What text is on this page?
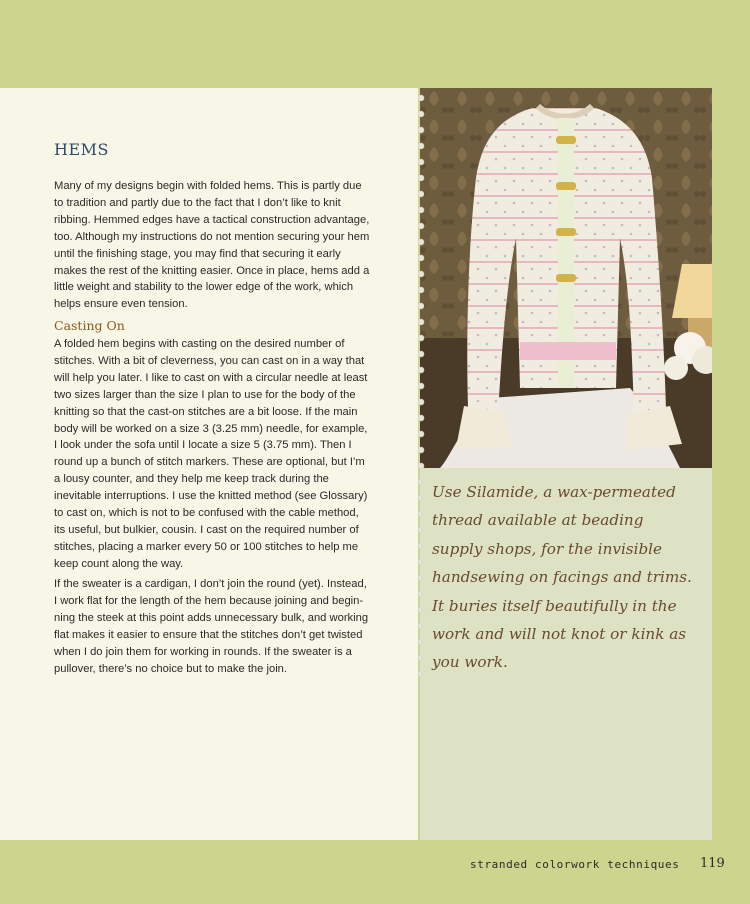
HEMS

Many of my designs begin with folded hems. This is partly due to tradition and partly due to the fact that I don’t like to knit ribbing. Hemmed edges have a tactical construction advantage, too. Although my instructions do not mention securing your hem until the finishing stage, you may find that securing it early makes the rest of the knitting easier. Once in place, hems add a little weight and stability to the lower edge of the work, which helps ensure even tension.

Casting On

A folded hem begins with casting on the desired number of stitches. With a bit of cleverness, you can cast on in a way that will help you later. I like to cast on with a circular needle at least two sizes larger than the size I plan to use for the body of the knitting so that the cast-on stitches are a bit loose. If the main body will be worked on a size 3 (3.25 mm) needle, for example, I look under the sofa until I locate a size 5 (3.75 mm). Then I round up a bunch of stitch markers. These are optional, but I’m a lousy counter, and they help me keep track during the inevitable interruptions. I use the knitted method (see Glossary) to cast on, which is not to be confused with the cable method, its useful, but bulkier, cousin. I cast on the required number of stitches, placing a marker every 50 or 100 stitches to help me keep count along the way.

If the sweater is a cardigan, I don’t join the round (yet). Instead, I work flat for the length of the hem because joining and beginning the steek at this point adds unnecessary bulk, and working flat makes it easier to ensure that the stitches don’t get twisted when I do join them for working in rounds. If the sweater is a pullover, there’s no choice but to make the join.

Use Silamide, a wax-permeated thread available at beading supply shops, for the invisible handsewing on facings and trims. It buries itself beautifully in the work and will not knot or kink as you work.

stranded colorwork techniques 119
